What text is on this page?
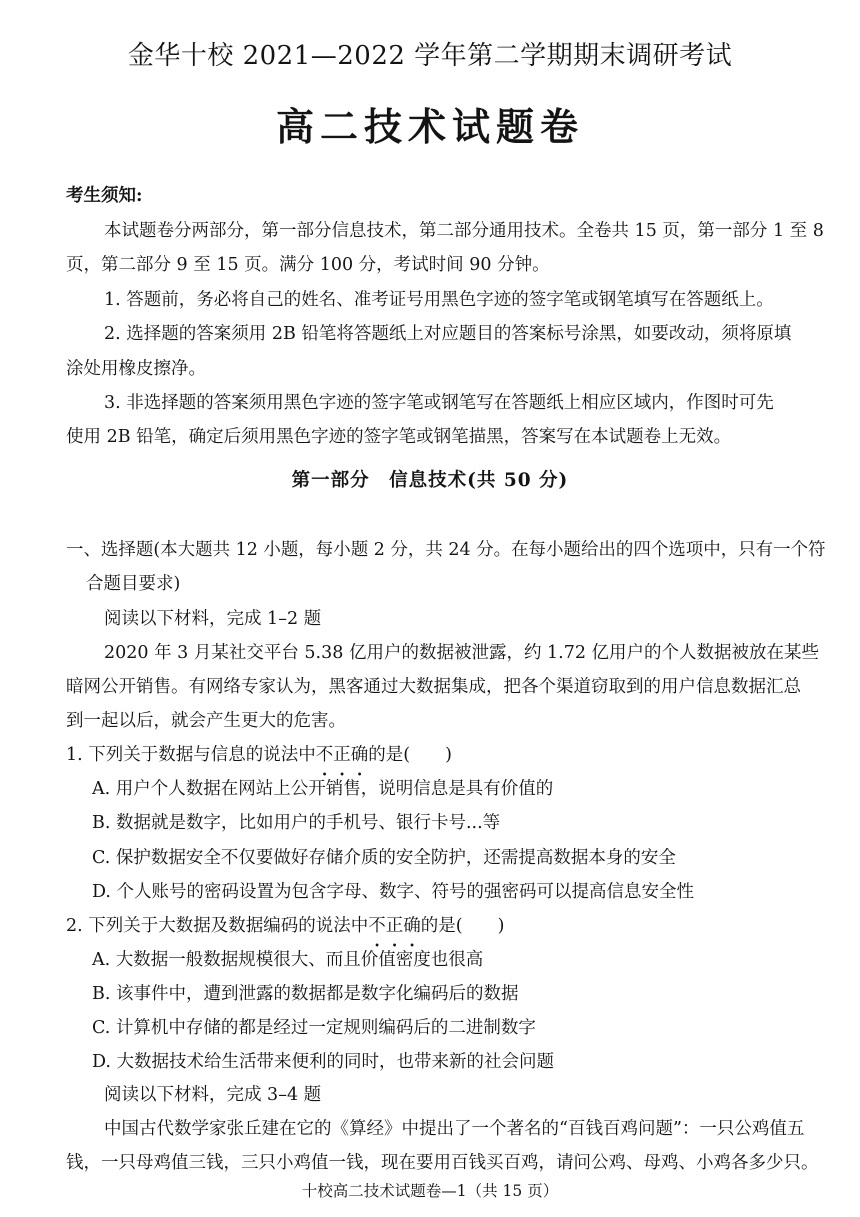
金华十校 2021—2022 学年第二学期期末调研考试
高二技术试题卷
考生须知:
本试题卷分两部分，第一部分信息技术，第二部分通用技术。全卷共 15 页，第一部分 1 至 8
页，第二部分 9 至 15 页。满分 100 分，考试时间 90 分钟。
1. 答题前，务必将自己的姓名、准考证号用黑色字迹的签字笔或钢笔填写在答题纸上。
2. 选择题的答案须用 2B 铅笔将答题纸上对应题目的答案标号涂黑，如要改动，须将原填
涂处用橡皮擦净。
3. 非选择题的答案须用黑色字迹的签字笔或钢笔写在答题纸上相应区域内，作图时可先
使用 2B 铅笔，确定后须用黑色字迹的签字笔或钢笔描黑，答案写在本试题卷上无效。
第一部分　信息技术(共 50 分)
一、选择题(本大题共 12 小题，每小题 2 分，共 24 分。在每小题给出的四个选项中，只有一个符
合题目要求)
阅读以下材料，完成 1–2 题
2020 年 3 月某社交平台 5.38 亿用户的数据被泄露，约 1.72 亿用户的个人数据被放在某些
暗网公开销售。有网络专家认为，黑客通过大数据集成，把各个渠道窃取到的用户信息数据汇总
到一起以后，就会产生更大的危害。
1. 下列关于数据与信息的说法中不正确的是(　　)
A. 用户个人数据在网站上公开销售，说明信息是具有价值的
B. 数据就是数字，比如用户的手机号、银行卡号...等
C. 保护数据安全不仅要做好存储介质的安全防护，还需提高数据本身的安全
D. 个人账号的密码设置为包含字母、数字、符号的强密码可以提高信息安全性
2. 下列关于大数据及数据编码的说法中不正确的是(　　)
A. 大数据一般数据规模很大、而且价值密度也很高
B. 该事件中，遭到泄露的数据都是数字化编码后的数据
C. 计算机中存储的都是经过一定规则编码后的二进制数字
D. 大数据技术给生活带来便利的同时，也带来新的社会问题
阅读以下材料，完成 3–4 题
中国古代数学家张丘建在它的《算经》中提出了一个著名的“百钱百鸡问题”：一只公鸡值五
钱，一只母鸡值三钱，三只小鸡值一钱，现在要用百钱买百鸡，请问公鸡、母鸡、小鸡各多少只。
十校高二技术试题卷—1（共 15 页）
